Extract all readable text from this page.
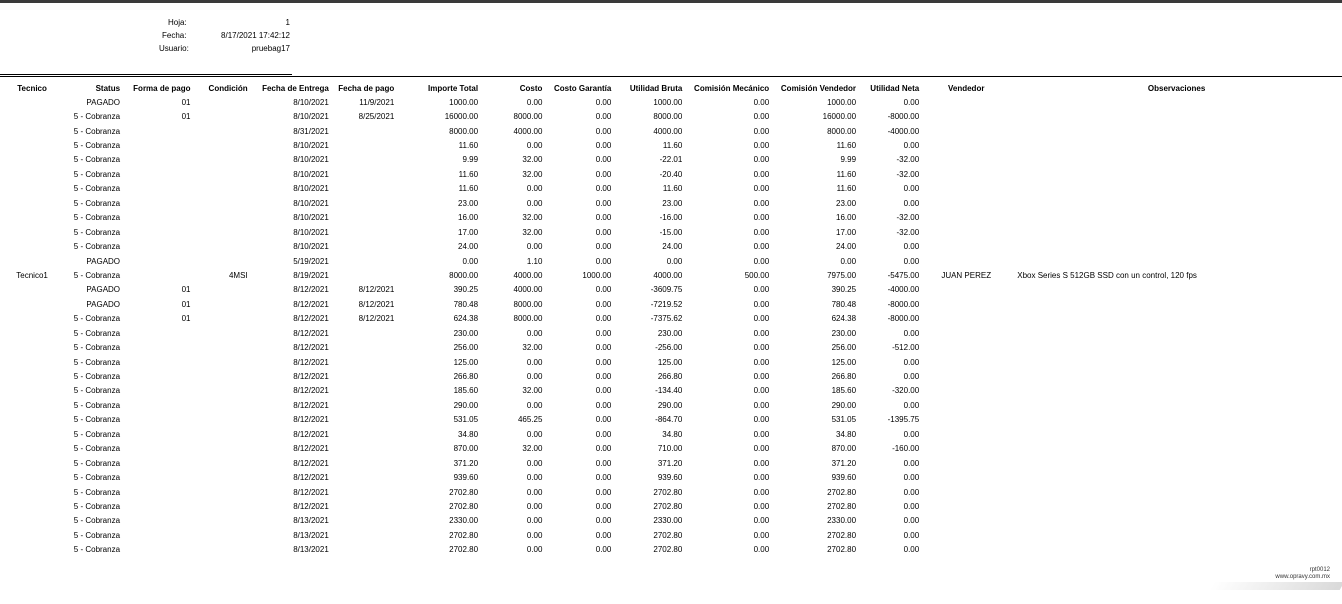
Hoja:	1
Fecha:	8/17/2021 17:42:12
Usuario:	pruebag17
Tecnico	Status	Forma de pago	Condición	Fecha de Entrega	Fecha de pago	Importe Total	Costo	Costo Garantía	Utilidad Bruta	Comisión Mecánico	Comisión Vendedor	Utilidad Neta	Vendedor	Observaciones
	PAGADO	01		8/10/2021	11/9/2021	1000.00	0.00	0.00	1000.00	0.00	1000.00	0.00		
	5 - Cobranza	01		8/10/2021	8/25/2021	16000.00	8000.00	0.00	8000.00	0.00	16000.00	-8000.00		
	5 - Cobranza			8/31/2021		8000.00	4000.00	0.00	4000.00	0.00	8000.00	-4000.00		
	5 - Cobranza			8/10/2021		11.60	0.00	0.00	11.60	0.00	11.60	0.00		
	5 - Cobranza			8/10/2021		9.99	32.00	0.00	-22.01	0.00	9.99	-32.00		
	5 - Cobranza			8/10/2021		11.60	32.00	0.00	-20.40	0.00	11.60	-32.00		
	5 - Cobranza			8/10/2021		11.60	0.00	0.00	11.60	0.00	11.60	0.00		
	5 - Cobranza			8/10/2021		23.00	0.00	0.00	23.00	0.00	23.00	0.00		
	5 - Cobranza			8/10/2021		16.00	32.00	0.00	-16.00	0.00	16.00	-32.00		
	5 - Cobranza			8/10/2021		17.00	32.00	0.00	-15.00	0.00	17.00	-32.00		
	5 - Cobranza			8/10/2021		24.00	0.00	0.00	24.00	0.00	24.00	0.00		
	PAGADO			5/19/2021		0.00	1.10	0.00	0.00	0.00	0.00	0.00		
Tecnico1	5 - Cobranza		4MSI	8/19/2021		8000.00	4000.00	1000.00	4000.00	500.00	7975.00	-5475.00	JUAN PEREZ	Xbox Series S 512GB SSD con un control, 120 fps
	PAGADO	01		8/12/2021	8/12/2021	390.25	4000.00	0.00	-3609.75	0.00	390.25	-4000.00		
	PAGADO	01		8/12/2021	8/12/2021	780.48	8000.00	0.00	-7219.52	0.00	780.48	-8000.00		
	5 - Cobranza	01		8/12/2021	8/12/2021	624.38	8000.00	0.00	-7375.62	0.00	624.38	-8000.00		
	5 - Cobranza			8/12/2021		230.00	0.00	0.00	230.00	0.00	230.00	0.00		
	5 - Cobranza			8/12/2021		256.00	32.00	0.00	-256.00	0.00	256.00	-512.00		
	5 - Cobranza			8/12/2021		125.00	0.00	0.00	125.00	0.00	125.00	0.00		
	5 - Cobranza			8/12/2021		266.80	0.00	0.00	266.80	0.00	266.80	0.00		
	5 - Cobranza			8/12/2021		185.60	32.00	0.00	-134.40	0.00	185.60	-320.00		
	5 - Cobranza			8/12/2021		290.00	0.00	0.00	290.00	0.00	290.00	0.00		
	5 - Cobranza			8/12/2021		531.05	465.25	0.00	-864.70	0.00	531.05	-1395.75		
	5 - Cobranza			8/12/2021		34.80	0.00	0.00	34.80	0.00	34.80	0.00		
	5 - Cobranza			8/12/2021		870.00	32.00	0.00	710.00	0.00	870.00	-160.00		
	5 - Cobranza			8/12/2021		371.20	0.00	0.00	371.20	0.00	371.20	0.00		
	5 - Cobranza			8/12/2021		939.60	0.00	0.00	939.60	0.00	939.60	0.00		
	5 - Cobranza			8/12/2021		2702.80	0.00	0.00	2702.80	0.00	2702.80	0.00		
	5 - Cobranza			8/12/2021		2702.80	0.00	0.00	2702.80	0.00	2702.80	0.00		
	5 - Cobranza			8/13/2021		2330.00	0.00	0.00	2330.00	0.00	2330.00	0.00		
	5 - Cobranza			8/13/2021		2702.80	0.00	0.00	2702.80	0.00	2702.80	0.00		
	5 - Cobranza			8/13/2021		2702.80	0.00	0.00	2702.80	0.00	2702.80	0.00		
rpt0012
www.opravy.com.mx
